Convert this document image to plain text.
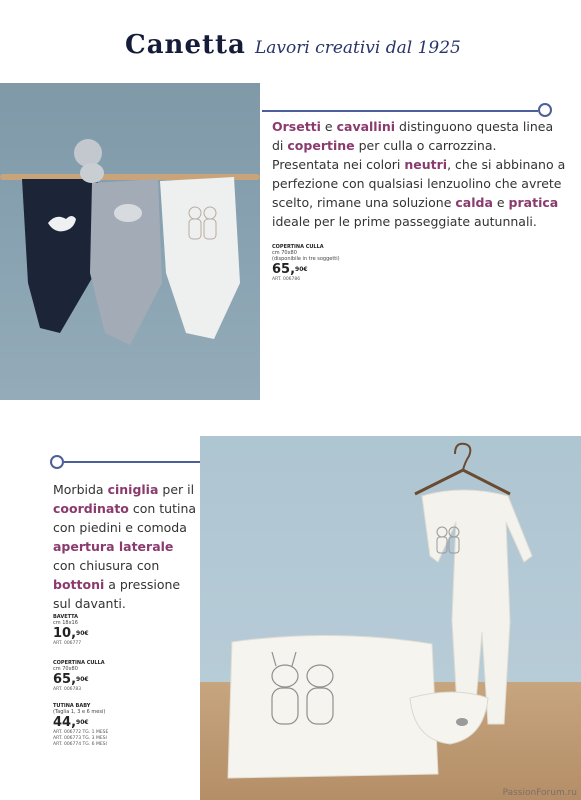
Canetta Lavori creativi dal 1925

Orsetti e cavallini distinguono questa linea di copertine per culla o carrozzina. Presentata nei colori neutri, che si abbinano a perfezione con qualsiasi lenzuolino che avrete scelto, rimane una soluzione calda e pratica ideale per le prime passeggiate autunnali.

COPERTINA CULLA
cm 70x80
(disponibile in tre soggetti)
65,$^{90€}$
ART. 006786

Morbida ciniglia per il coordinato con tutina con piedini e comoda apertura laterale con chiusura con bottoni a pressione sul davanti.

BAVETTA
cm 18x16
10,$^{90€}$
ART. 006777
COPERTINA CULLA
cm 70x80
65,$^{90€}$
ART. 006783
TUTINA BABY
(Taglia 1, 3 e 6 mesi)
44,$^{90€}$
ART. 006772 TG. 1 MESE
ART. 006773 TG. 3 MESI
ART. 006774 TG. 6 MESI
PassionForum.ru
